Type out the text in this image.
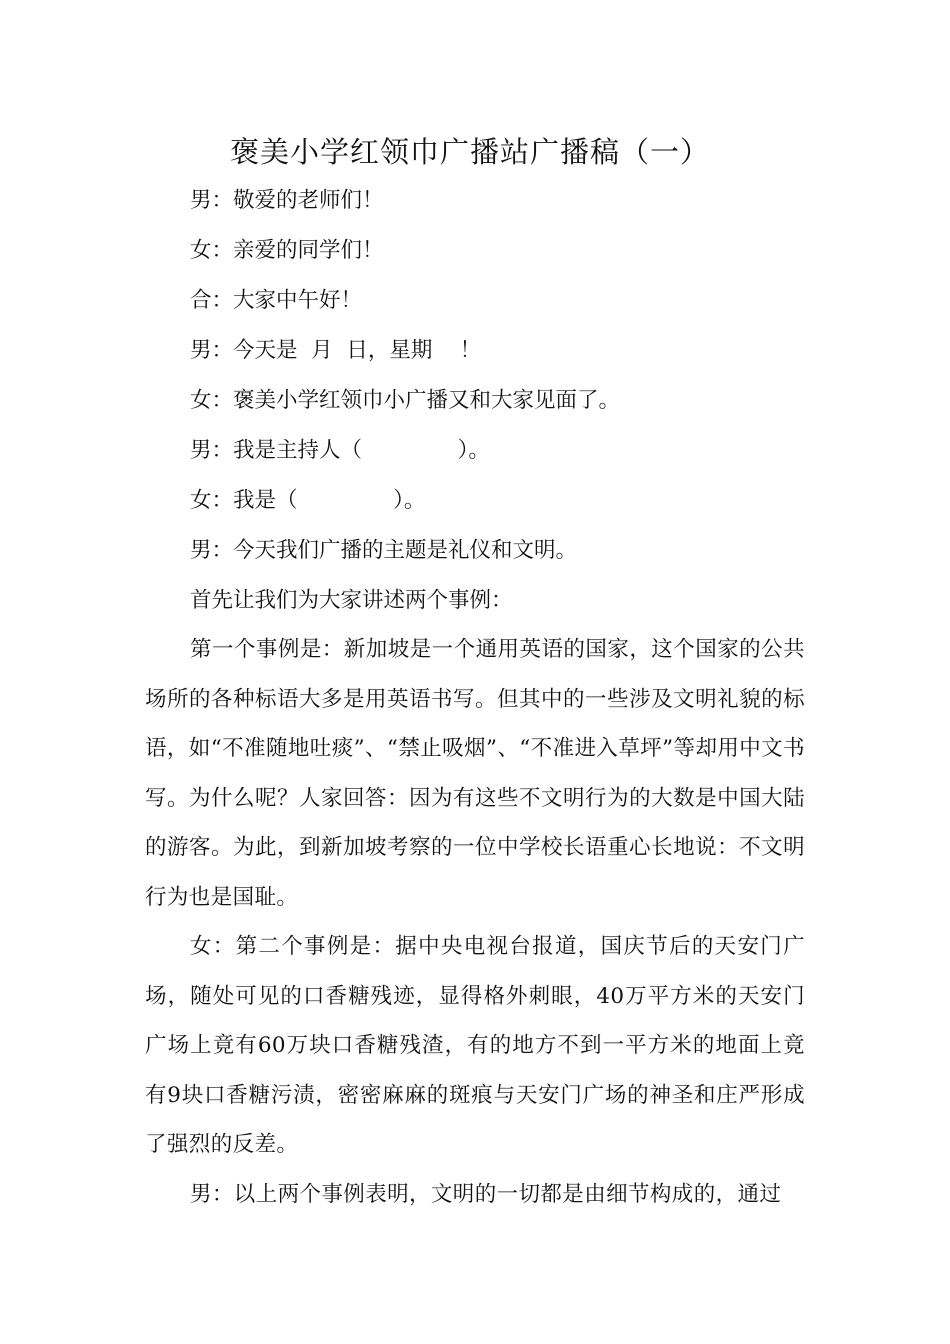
褒美小学红领巾广播站广播稿（一）

男：敬爱的老师们！

女：亲爱的同学们！

合：大家中午好！

男：今天是  月  日，星期    ！

女：褒美小学红领巾小广播又和大家见面了。

男：我是主持人（              ）。

女：我是（              ）。

男：今天我们广播的主题是礼仪和文明。

首先让我们为大家讲述两个事例：

第一个事例是：新加坡是一个通用英语的国家，这个国家的公共场所的各种标语大多是用英语书写。但其中的一些涉及文明礼貌的标语，如“不准随地吐痰”、“禁止吸烟”、“不准进入草坪”等却用中文书写。为什么呢？人家回答：因为有这些不文明行为的大数是中国大陆的游客。为此，到新加坡考察的一位中学校长语重心长地说：不文明行为也是国耻。

女：第二个事例是：据中央电视台报道，国庆节后的天安门广场，随处可见的口香糖残迹，显得格外刺眼，40万平方米的天安门广场上竟有60万块口香糖残渣，有的地方不到一平方米的地面上竟有9块口香糖污渍，密密麻麻的斑痕与天安门广场的神圣和庄严形成了强烈的反差。

男：以上两个事例表明，文明的一切都是由细节构成的，通过
